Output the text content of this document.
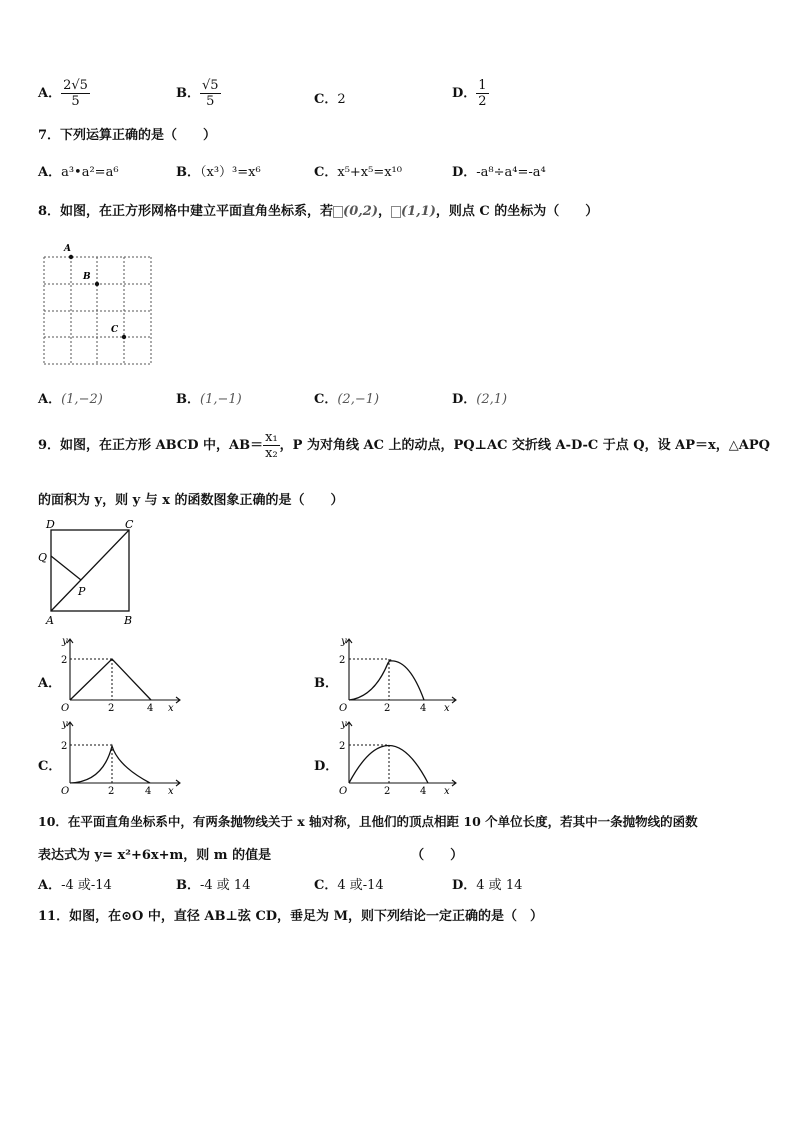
A． $\frac{2√5}{5}$	B． $\frac{√5}{5}$	C．2	D． $\frac{1}{2}$
7．下列运算正确的是（　　）
A．a³•a²=a⁶	B．（x³）³=x⁶	C．x⁵+x⁵=x¹⁰	D．-a⁸÷a⁴=-a⁴
8．如图，在正方形网格中建立平面直角坐标系，若 (0,2)， (1,1)，则点 C 的坐标为（　　）
A
B
C
A．(1,−2)	B．(1,−1)	C．(2,−1)	D．(2,1)
9．如图，在正方形 ABCD 中，$AB= \frac{\text{x₁}}{\text{x₂}}$ ，P 为对角线 AC 上的动点，PQ⊥AC 交折线 A-D-C 于点 Q，设 AP＝x，△APQ
的面积为 y，则 y 与 x 的函数图象正确的是（　　）
D	C
Q
P
A	B
A．	B．
C．	D．
y
x
O
2
2	4
y
x
O
2
2	4
y
x
O
2
2	4
y
x
O
2
2	4
10．在平面直角坐标系中，有两条抛物线关于 x 轴对称，且他们的顶点相距 10 个单位长度，若其中一条抛物线的函数
表达式为 y= x²+6x+m，则 m 的值是	（　　）
A．-4 或-14	B．-4 或 14	C．4 或-14	D．4 或 14
11．如图，在⊙O 中，直径 AB⊥弦 CD，垂足为 M，则下列结论一定正确的是（　）
